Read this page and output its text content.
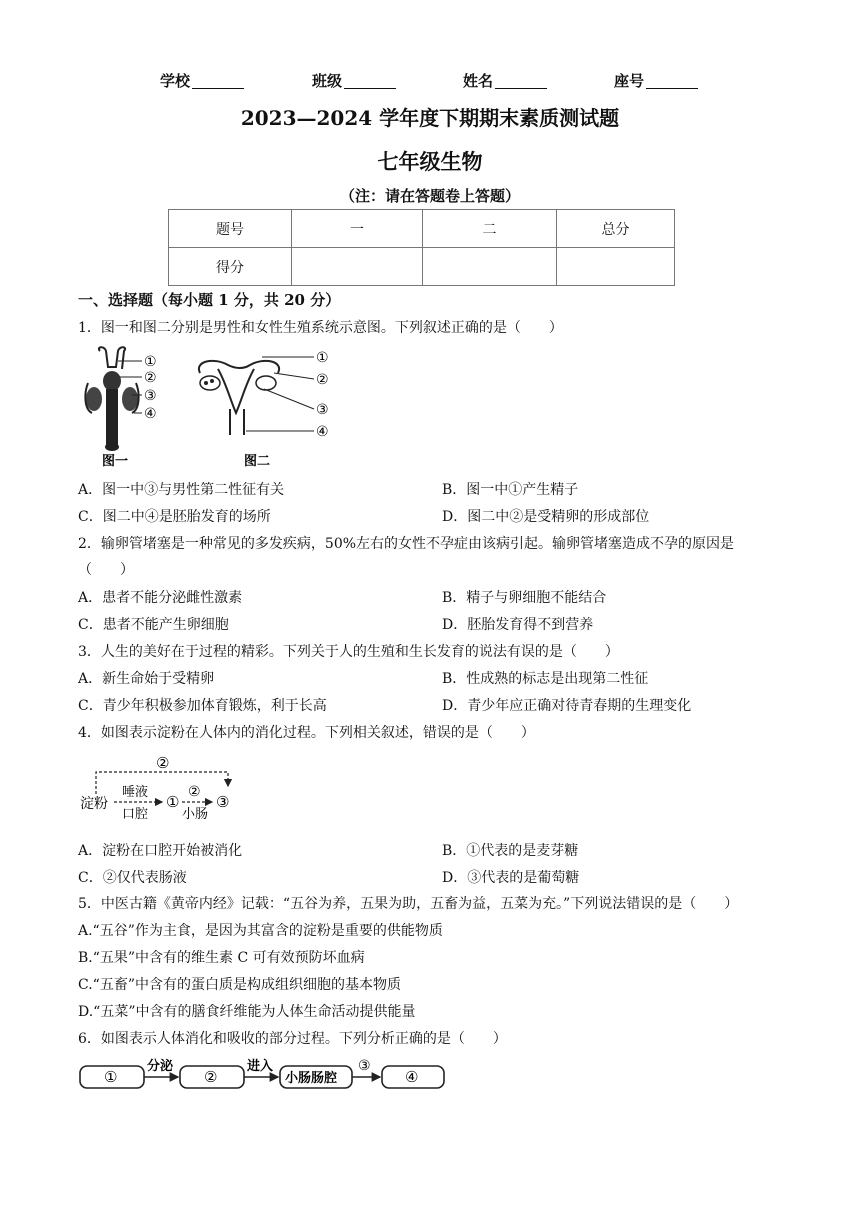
学校	班级	姓名	座号
2023—2024 学年度下期期末素质测试题
七年级生物
（注：请在答题卷上答题）
题号	一	二	总分
得分			
一、选择题（每小题 1 分，共 20 分）
1．图一和图二分别是男性和女性生殖系统示意图。下列叙述正确的是（　　）
①
②
③
④
图一
①
②
③
④
图二
A．图一中③与男性第二性征有关	B．图一中①产生精子
C．图二中④是胚胎发育的场所	D．图二中②是受精卵的形成部位
2．输卵管堵塞是一种常见的多发疾病，50%左右的女性不孕症由该病引起。输卵管堵塞造成不孕的原因是
（　　）
A．患者不能分泌雌性激素	B．精子与卵细胞不能结合
C．患者不能产生卵细胞	D．胚胎发育得不到营养
3．人生的美好在于过程的精彩。下列关于人的生殖和生长发育的说法有误的是（　　）
A．新生命始于受精卵	B．性成熟的标志是出现第二性征
C．青少年积极参加体育锻炼，利于长高	D．青少年应正确对待青春期的生理变化
4．如图表示淀粉在人体内的消化过程。下列相关叙述，错误的是（　　）
②
淀粉
唾液
口腔
①
②
小肠
③
A．淀粉在口腔开始被消化	B．①代表的是麦芽糖
C．②仅代表肠液	D．③代表的是葡萄糖
5．中医古籍《黄帝内经》记载：“五谷为养，五果为助，五畜为益，五菜为充。”下列说法错误的是（　　）
A.“五谷”作为主食，是因为其富含的淀粉是重要的供能物质
B.“五果”中含有的维生素 C 可有效预防坏血病
C.“五畜”中含有的蛋白质是构成组织细胞的基本物质
D.“五菜”中含有的膳食纤维能为人体生命活动提供能量
6．如图表示人体消化和吸收的部分过程。下列分析正确的是（　　）
①
分泌
②
进入
小肠肠腔
③
④
